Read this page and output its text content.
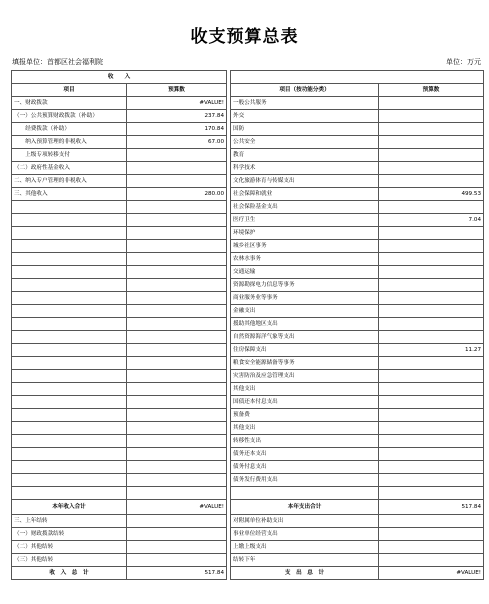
收支预算总表
填报单位：首都区社会福利院	单位：万元
收　　入				
项目	预算数		项目（按功能分类）	预算数
一、财政拨款	#VALUE!		一般公共服务	
（一）公共预算财政拨款（补助）	237.84		外交	
　　经费拨款（补助）	170.84		国防	
　　纳入预算管理的非税收入	67.00		公共安全	
　　上级专项转移支付			教育	
（二）政府性基金收入			科学技术	
二、纳入专户管理的非税收入			文化旅游体育与传媒支出	
三、其他收入	280.00		社会保障和就业	499.53
			社会保险基金支出	
			医疗卫生	7.04
			环境保护	
			城乡社区事务	
			农林水事务	
			交通运输	
			资源勘探电力信息等事务	
			商业服务业等事务	
			金融支出	
			援助其他地区支出	
			自然资源海洋气象等支出	
			住房保障支出	11.27
			粮食安全能源储备等事务	
			灾害防治及应急管理支出	
			其他支出	
			国债还本付息支出	
			预备费	
			其他支出	
			转移性支出	
			债务还本支出	
			债务付息支出	
			债务发行费用支出	

本年收入合计	#VALUE!		本年支出合计	517.84
三、上年结转			对附属单位补助支出	
（一）财政拨款结转			事业单位经营支出	
（二）其他结转			上缴上级支出	
（三）其他结转			结转下年	
收　入　总　计	517.84		支　出　总　计	#VALUE!
